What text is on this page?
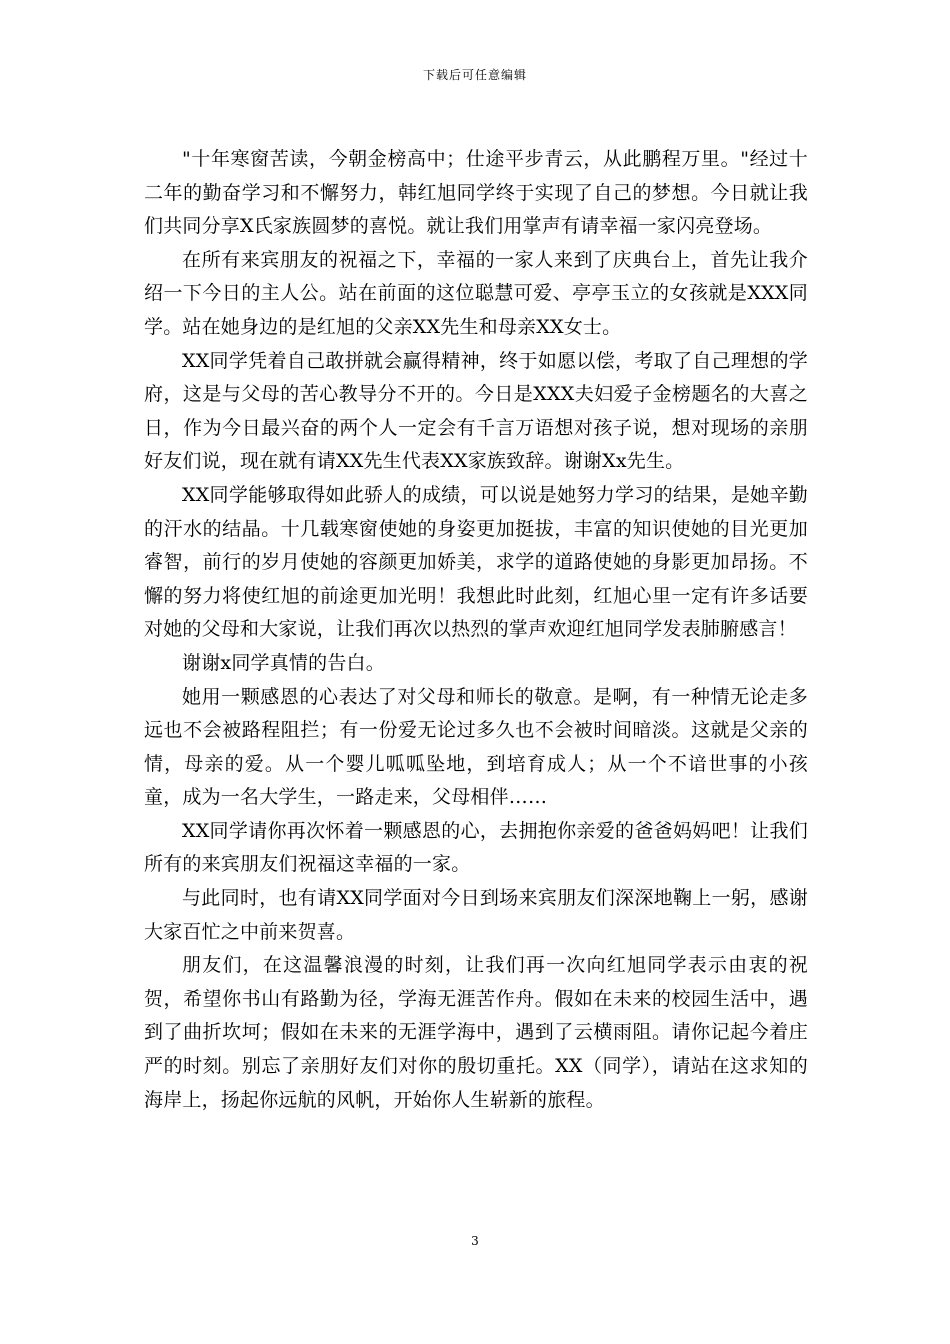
下载后可任意编辑

"十年寒窗苦读，今朝金榜高中；仕途平步青云，从此鹏程万里。"经过十二年的勤奋学习和不懈努力，韩红旭同学终于实现了自己的梦想。今日就让我们共同分享X氏家族圆梦的喜悦。就让我们用掌声有请幸福一家闪亮登场。

在所有来宾朋友的祝福之下，幸福的一家人来到了庆典台上，首先让我介绍一下今日的主人公。站在前面的这位聪慧可爱、亭亭玉立的女孩就是XXX同学。站在她身边的是红旭的父亲XX先生和母亲XX女士。

XX同学凭着自己敢拼就会赢得精神，终于如愿以偿，考取了自己理想的学府，这是与父母的苦心教导分不开的。今日是XXX夫妇爱子金榜题名的大喜之日，作为今日最兴奋的两个人一定会有千言万语想对孩子说，想对现场的亲朋好友们说，现在就有请XX先生代表XX家族致辞。谢谢Xx先生。

XX同学能够取得如此骄人的成绩，可以说是她努力学习的结果，是她辛勤的汗水的结晶。十几载寒窗使她的身姿更加挺拔，丰富的知识使她的目光更加睿智，前行的岁月使她的容颜更加娇美，求学的道路使她的身影更加昂扬。不懈的努力将使红旭的前途更加光明！我想此时此刻，红旭心里一定有许多话要对她的父母和大家说，让我们再次以热烈的掌声欢迎红旭同学发表肺腑感言！

谢谢x同学真情的告白。

她用一颗感恩的心表达了对父母和师长的敬意。是啊，有一种情无论走多远也不会被路程阻拦；有一份爱无论过多久也不会被时间暗淡。这就是父亲的情，母亲的爱。从一个婴儿呱呱坠地，到培育成人；从一个不谙世事的小孩童，成为一名大学生，一路走来，父母相伴……

XX同学请你再次怀着一颗感恩的心，去拥抱你亲爱的爸爸妈妈吧！让我们所有的来宾朋友们祝福这幸福的一家。

与此同时，也有请XX同学面对今日到场来宾朋友们深深地鞠上一躬，感谢大家百忙之中前来贺喜。

朋友们，在这温馨浪漫的时刻，让我们再一次向红旭同学表示由衷的祝贺，希望你书山有路勤为径，学海无涯苦作舟。假如在未来的校园生活中，遇到了曲折坎坷；假如在未来的无涯学海中，遇到了云横雨阻。请你记起今着庄严的时刻。别忘了亲朋好友们对你的殷切重托。XX（同学），请站在这求知的海岸上，扬起你远航的风帆，开始你人生崭新的旅程。

3
